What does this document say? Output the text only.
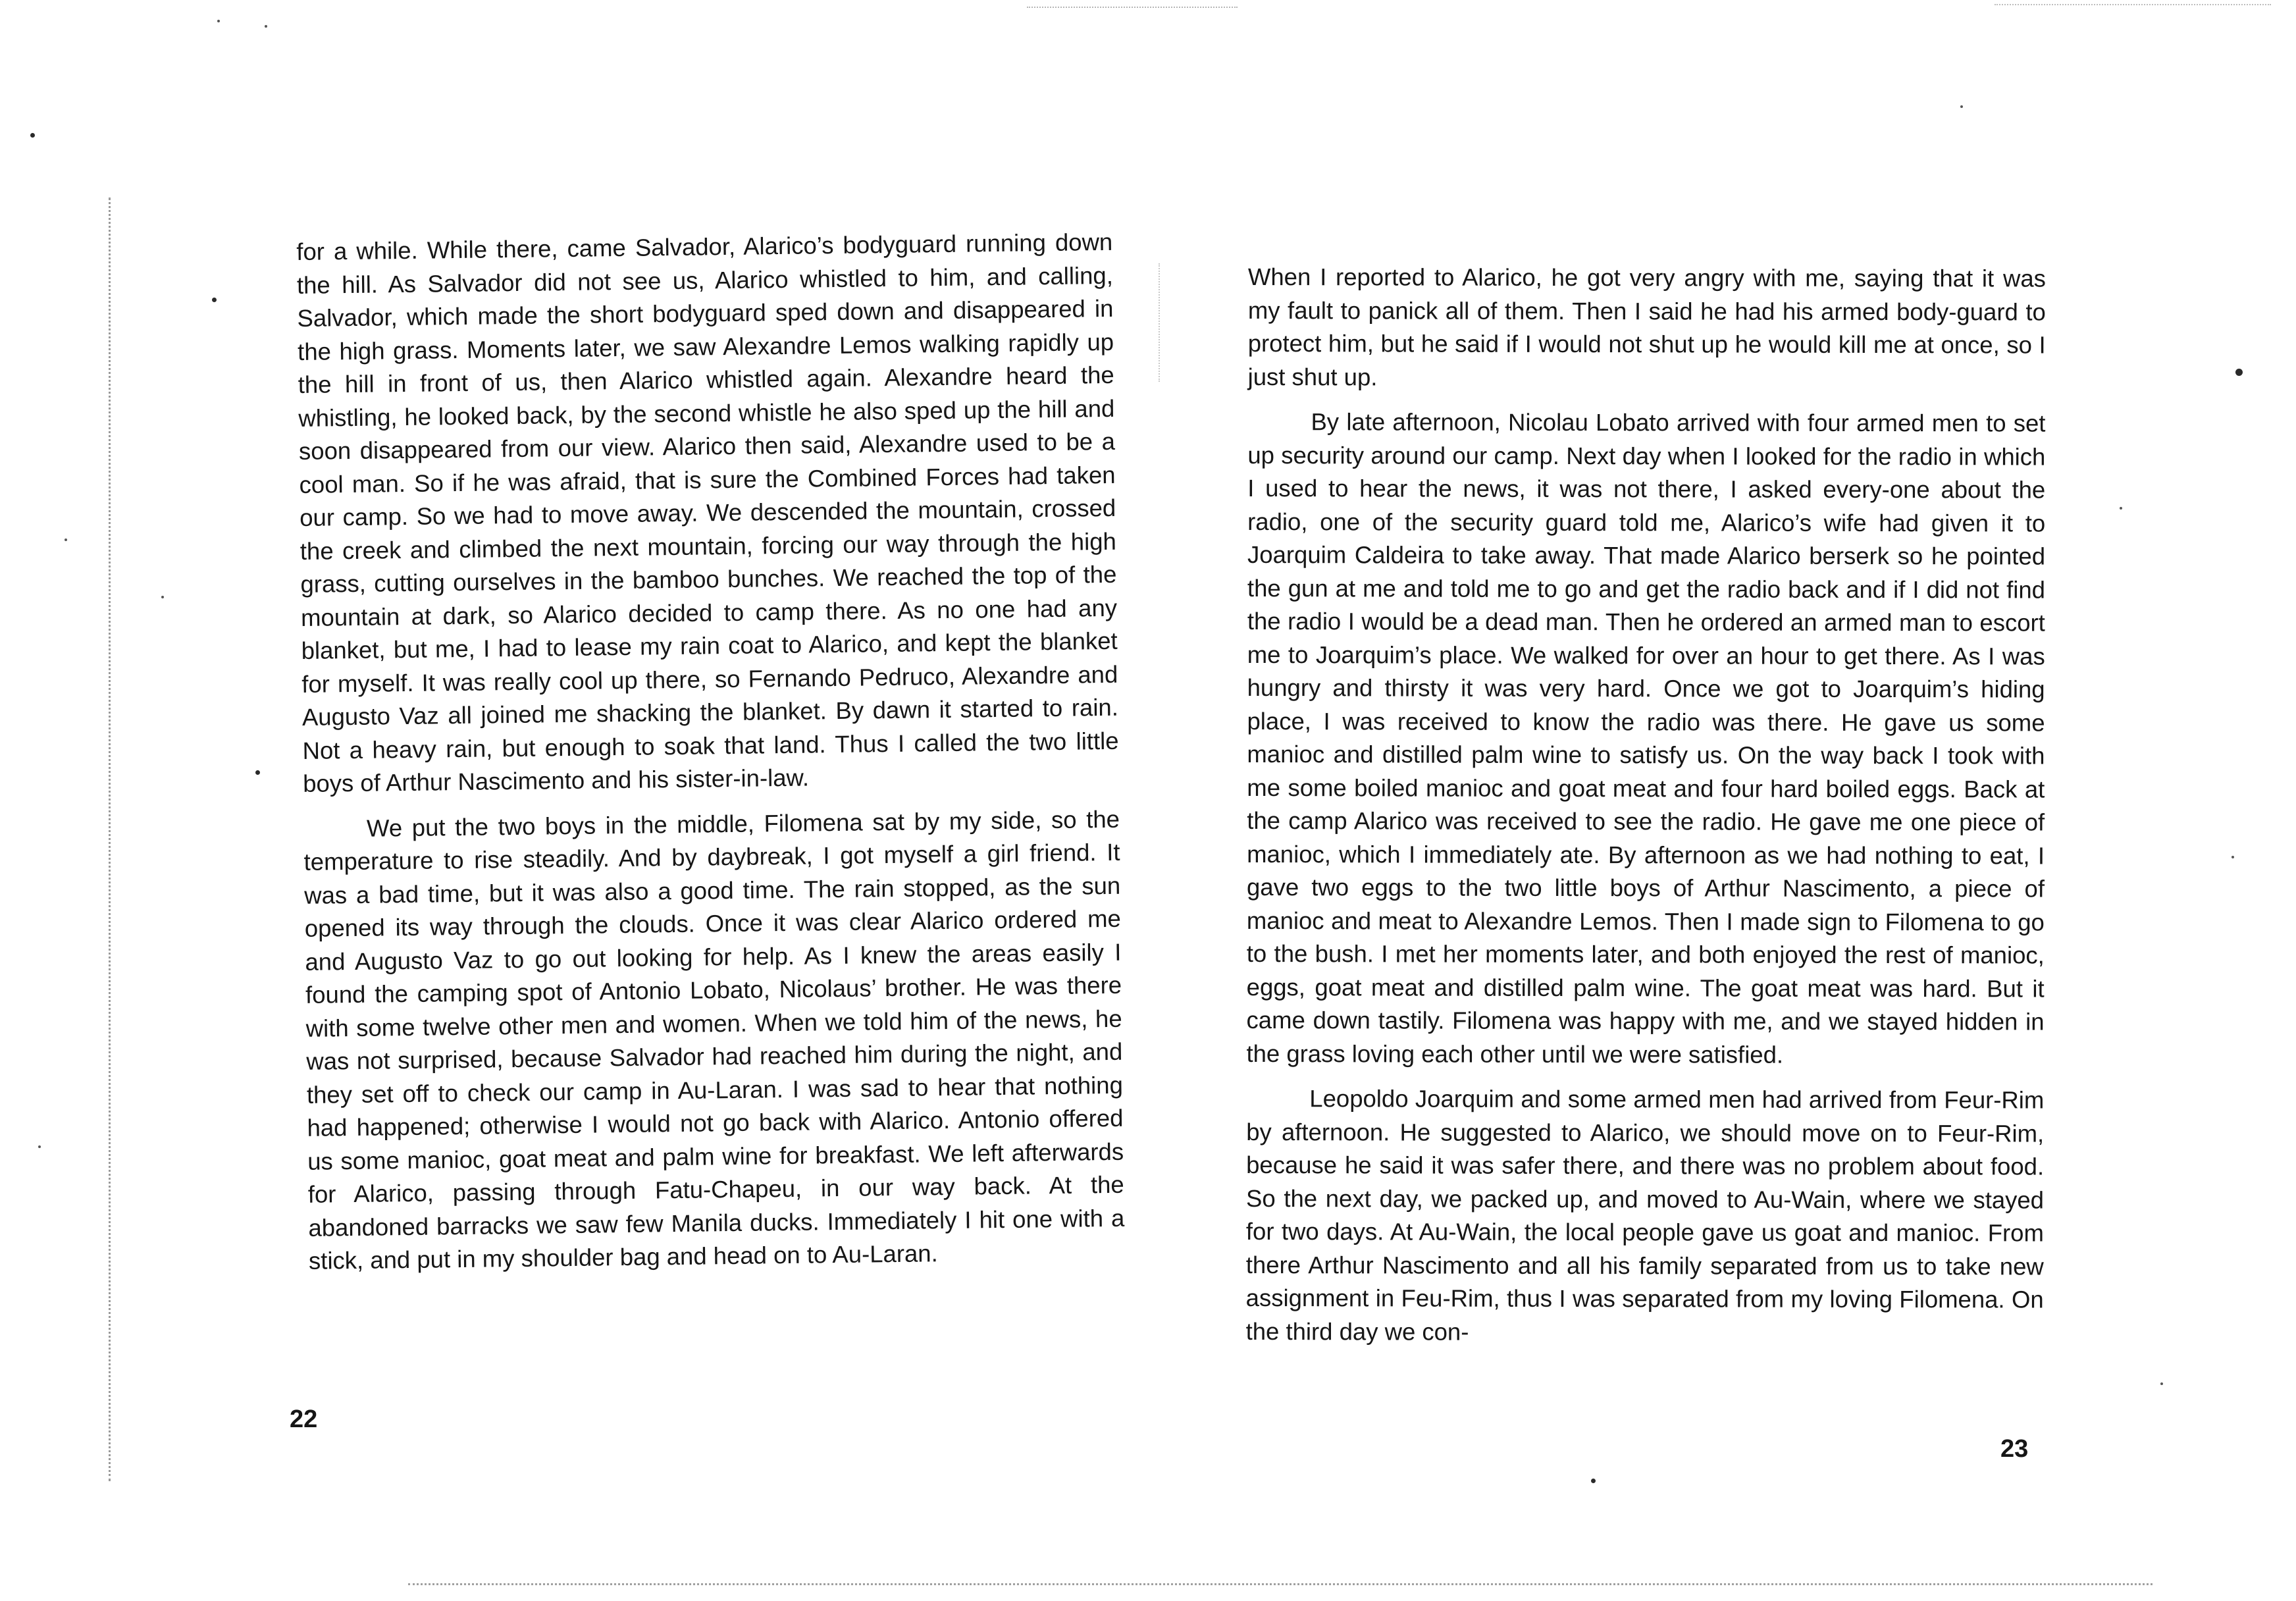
for a while. While there, came Salvador, Alarico’s bodyguard running down the hill. As Salvador did not see us, Alarico whistled to him, and calling, Salvador, which made the short bodyguard sped down and disappeared in the high grass. Moments later, we saw Alexandre Lemos walking rapidly up the hill in front of us, then Alarico whistled again. Alexandre heard the whistling, he looked back, by the second whistle he also sped up the hill and soon disappeared from our view. Alarico then said, Alexandre used to be a cool man. So if he was afraid, that is sure the Combined Forces had taken our camp. So we had to move away. We descended the mountain, crossed the creek and climbed the next mountain, forcing our way through the high grass, cutting ourselves in the bamboo bunches. We reached the top of the mountain at dark, so Alarico decided to camp there. As no one had any blanket, but me, I had to lease my rain coat to Alarico, and kept the blanket for myself. It was really cool up there, so Fernando Pedruco, Alexandre and Augusto Vaz all joined me shacking the blanket. By dawn it started to rain. Not a heavy rain, but enough to soak that land. Thus I called the two little boys of Arthur Nascimento and his sister-in-law.

We put the two boys in the middle, Filomena sat by my side, so the temperature to rise steadily. And by daybreak, I got myself a girl friend. It was a bad time, but it was also a good time. The rain stopped, as the sun opened its way through the clouds. Once it was clear Alarico ordered me and Augusto Vaz to go out looking for help. As I knew the areas easily I found the camping spot of Antonio Lobato, Nicolaus’ brother. He was there with some twelve other men and women. When we told him of the news, he was not surprised, because Salvador had reached him during the night, and they set off to check our camp in Au-Laran. I was sad to hear that nothing had happened; otherwise I would not go back with Alarico. Antonio offered us some manioc, goat meat and palm wine for breakfast. We left afterwards for Alarico, passing through Fatu-Chapeu, in our way back. At the abandoned barracks we saw few Manila ducks. Immediately I hit one with a stick, and put in my shoulder bag and head on to Au-Laran.

22

When I reported to Alarico, he got very angry with me, saying that it was my fault to panick all of them. Then I said he had his armed body-guard to protect him, but he said if I would not shut up he would kill me at once, so I just shut up.

By late afternoon, Nicolau Lobato arrived with four armed men to set up security around our camp. Next day when I looked for the radio in which I used to hear the news, it was not there, I asked every-one about the radio, one of the security guard told me, Alarico’s wife had given it to Joarquim Caldeira to take away. That made Alarico berserk so he pointed the gun at me and told me to go and get the radio back and if I did not find the radio I would be a dead man. Then he ordered an armed man to escort me to Joarquim’s place. We walked for over an hour to get there. As I was hungry and thirsty it was very hard. Once we got to Joarquim’s hiding place, I was received to know the radio was there. He gave us some manioc and distilled palm wine to satisfy us. On the way back I took with me some boiled manioc and goat meat and four hard boiled eggs. Back at the camp Alarico was received to see the radio. He gave me one piece of manioc, which I immediately ate. By afternoon as we had nothing to eat, I gave two eggs to the two little boys of Arthur Nascimento, a piece of manioc and meat to Alexandre Lemos. Then I made sign to Filomena to go to the bush. I met her moments later, and both enjoyed the rest of manioc, eggs, goat meat and distilled palm wine. The goat meat was hard. But it came down tastily. Filomena was happy with me, and we stayed hidden in the grass loving each other until we were satisfied.

Leopoldo Joarquim and some armed men had arrived from Feur-Rim by afternoon. He suggested to Alarico, we should move on to Feur-Rim, because he said it was safer there, and there was no problem about food. So the next day, we packed up, and moved to Au-Wain, where we stayed for two days. At Au-Wain, the local people gave us goat and manioc. From there Arthur Nascimento and all his family separated from us to take new assignment in Feu-Rim, thus I was separated from my loving Filomena. On the third day we con-

23
